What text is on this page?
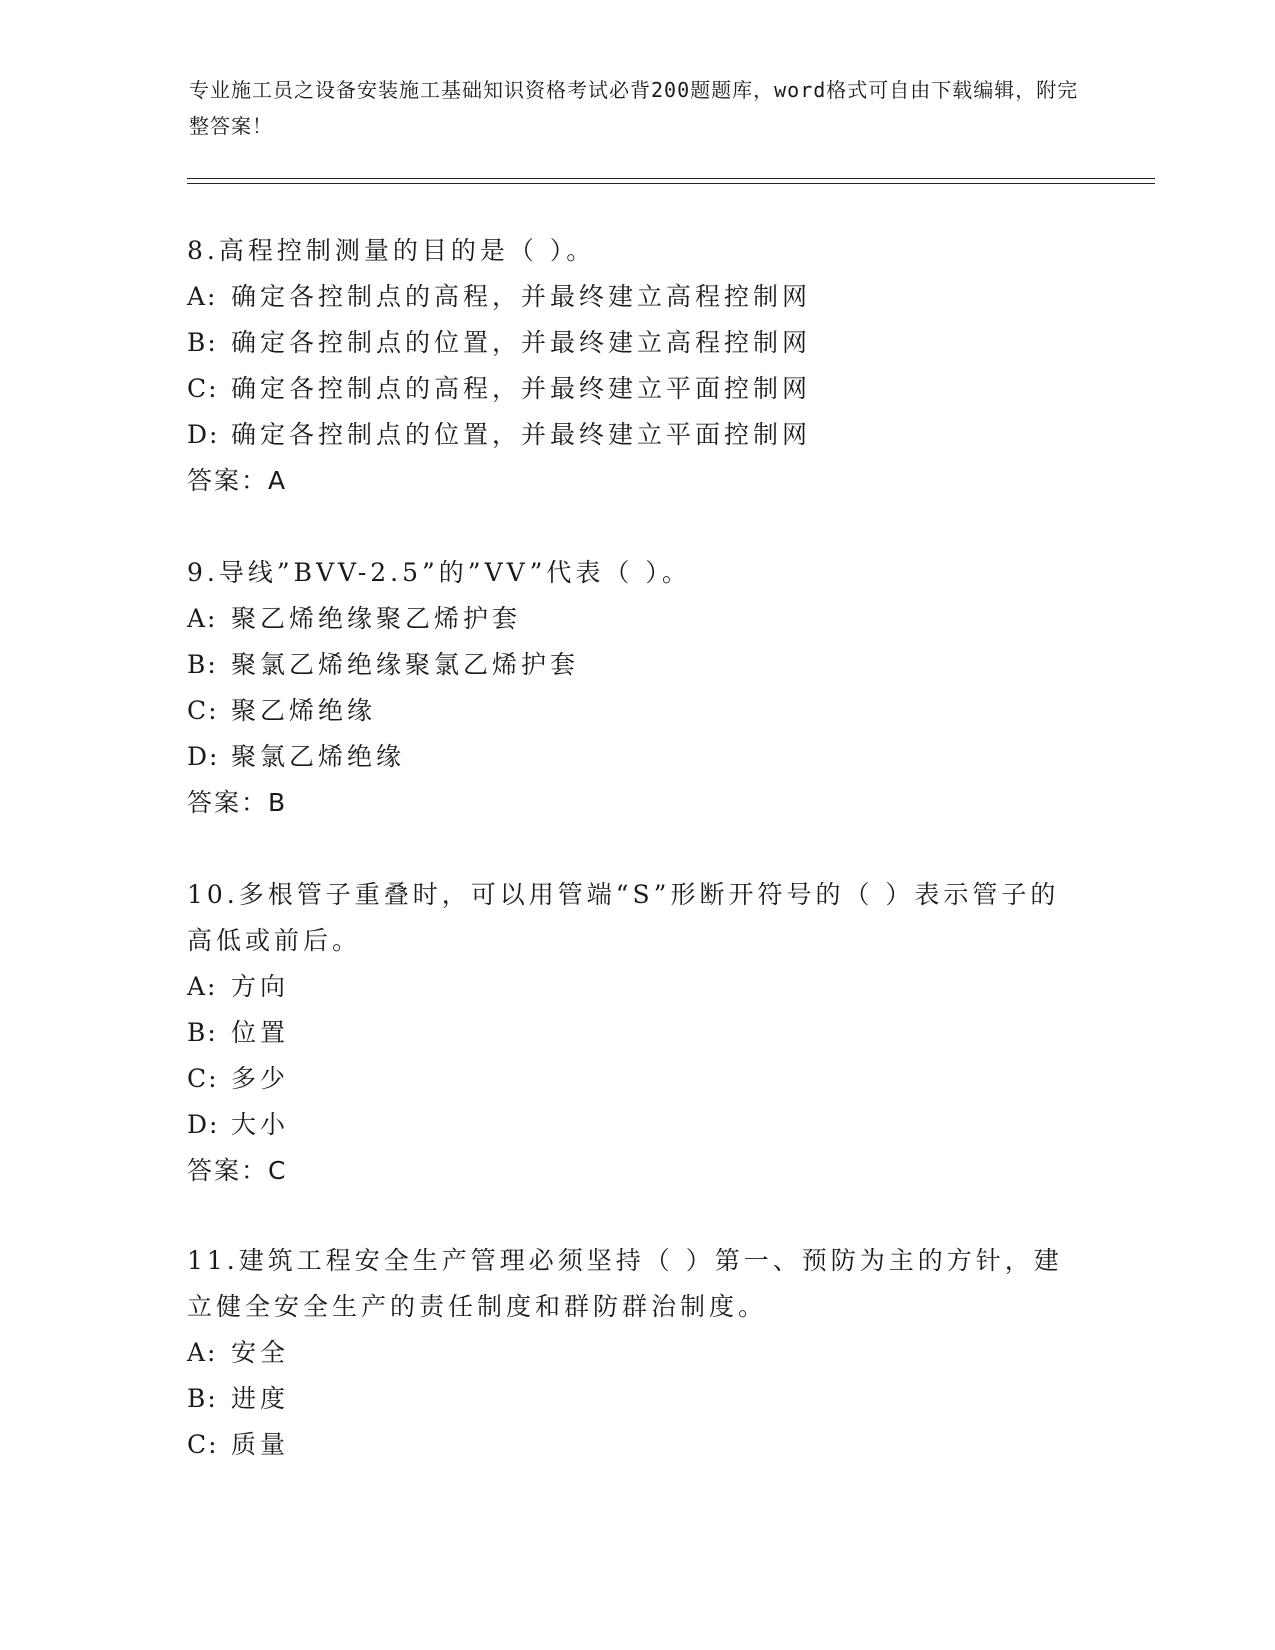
专业施工员之设备安装施工基础知识资格考试必背200题题库，word格式可自由下载编辑，附完整答案！
8.高程控制测量的目的是（ ）。
A: 确定各控制点的高程，并最终建立高程控制网
B: 确定各控制点的位置，并最终建立高程控制网
C: 确定各控制点的高程，并最终建立平面控制网
D: 确定各控制点的位置，并最终建立平面控制网
答案：A
9.导线”BVV-2.5”的”VV”代表（ ）。
A: 聚乙烯绝缘聚乙烯护套
B: 聚氯乙烯绝缘聚氯乙烯护套
C: 聚乙烯绝缘
D: 聚氯乙烯绝缘
答案：B
10.多根管子重叠时，可以用管端“S”形断开符号的（ ）表示管子的高低或前后。
A: 方向
B: 位置
C: 多少
D: 大小
答案：C
11.建筑工程安全生产管理必须坚持（ ）第一、预防为主的方针，建立健全安全生产的责任制度和群防群治制度。
A: 安全
B: 进度
C: 质量
